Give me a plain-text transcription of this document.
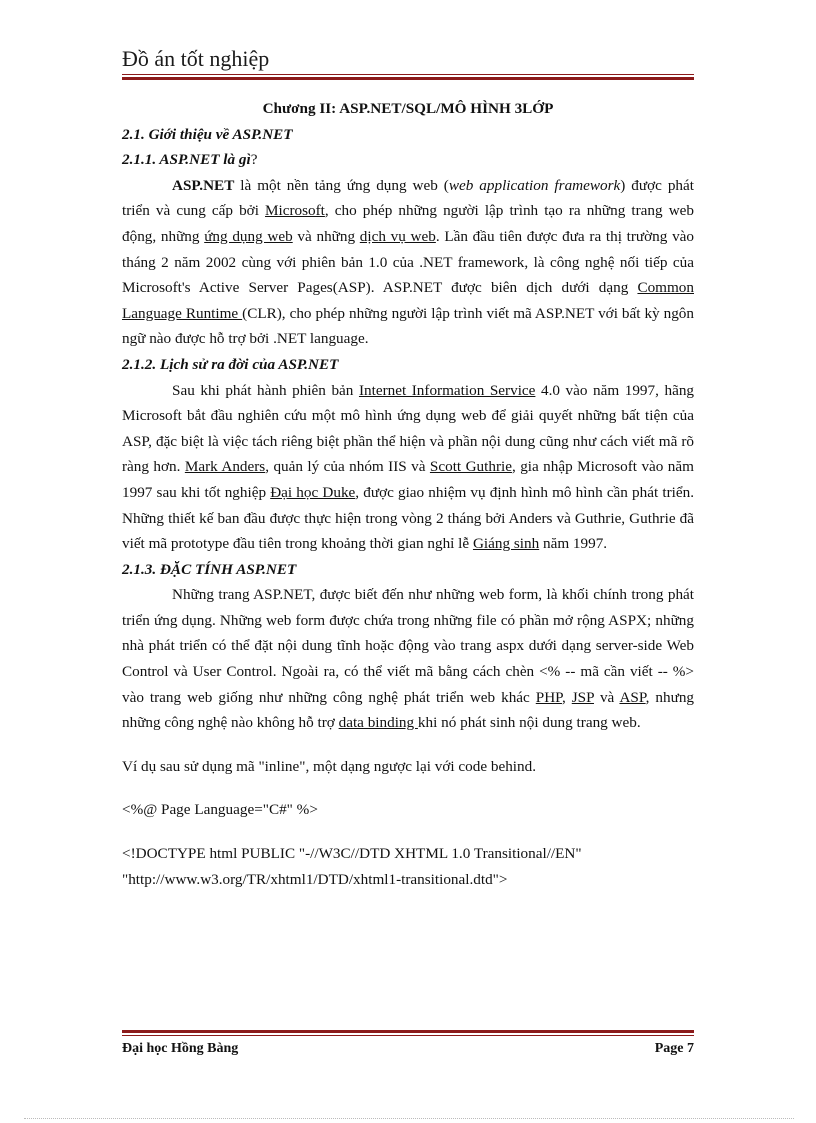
Đồ án tốt nghiệp

Chương II: ASP.NET/SQL/MÔ HÌNH 3LỚP

2.1. Giới thiệu về ASP.NET

2.1.1. ASP.NET là gì?

ASP.NET là một nền tảng ứng dụng web (web application framework) được phát triển và cung cấp bởi Microsoft, cho phép những người lập trình tạo ra những trang web động, những ứng dụng web và những dịch vụ web. Lần đầu tiên được đưa ra thị trường vào tháng 2 năm 2002 cùng với phiên bản 1.0 của .NET framework, là công nghệ nối tiếp của Microsoft's Active Server Pages(ASP). ASP.NET được biên dịch dưới dạng Common Language Runtime (CLR), cho phép những người lập trình viết mã ASP.NET với bất kỳ ngôn ngữ nào được hỗ trợ bởi .NET language.

2.1.2. Lịch sử ra đời của ASP.NET

Sau khi phát hành phiên bản Internet Information Service 4.0 vào năm 1997, hãng Microsoft bắt đầu nghiên cứu một mô hình ứng dụng web để giải quyết những bất tiện của ASP, đặc biệt là việc tách riêng biệt phần thể hiện và phần nội dung cũng như cách viết mã rõ ràng hơn. Mark Anders, quản lý của nhóm IIS và Scott Guthrie, gia nhập Microsoft vào năm 1997 sau khi tốt nghiệp Đại học Duke, được giao nhiệm vụ định hình mô hình cần phát triển. Những thiết kế ban đầu được thực hiện trong vòng 2 tháng bởi Anders và Guthrie, Guthrie đã viết mã prototype đầu tiên trong khoảng thời gian nghỉ lễ Giáng sinh năm 1997.

2.1.3. ĐẶC TÍNH ASP.NET

Những trang ASP.NET, được biết đến như những web form, là khối chính trong phát triển ứng dụng. Những web form được chứa trong những file có phần mở rộng ASPX; những nhà phát triển có thể đặt nội dung tĩnh hoặc động vào trang aspx dưới dạng server-side Web Control và User Control. Ngoài ra, có thể viết mã bằng cách chèn <% -- mã cần viết -- %> vào trang web giống như những công nghệ phát triển web khác PHP, JSP và ASP, nhưng những công nghệ nào không hỗ trợ data binding khi nó phát sinh nội dung trang web.

Ví dụ sau sử dụng mã "inline", một dạng ngược lại với code behind.

<%@ Page Language="C#" %>

<!DOCTYPE html PUBLIC "-//W3C//DTD XHTML 1.0 Transitional//EN"

"http://www.w3.org/TR/xhtml1/DTD/xhtml1-transitional.dtd">

Đại học Hồng Bàng	Page 7
